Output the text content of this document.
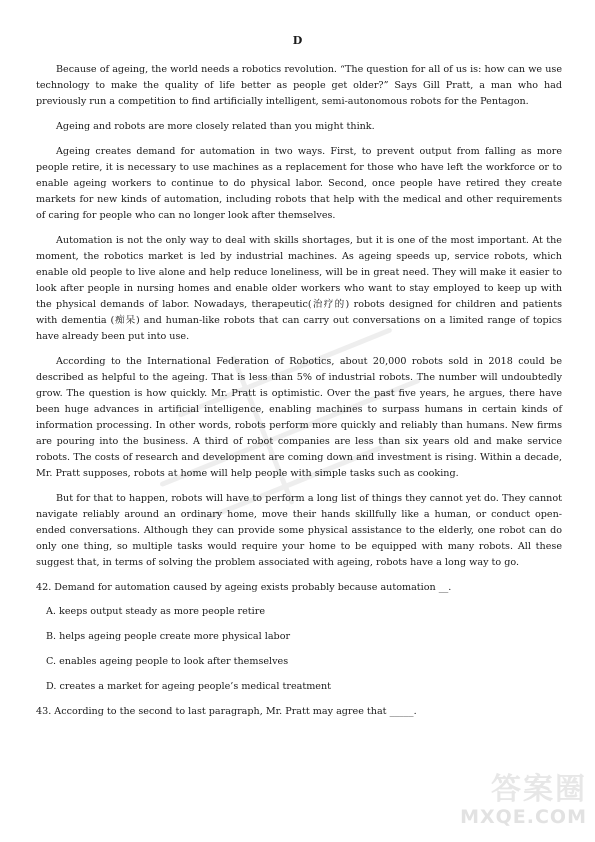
D

Because of ageing, the world needs a robotics revolution. “The question for all of us is: how can we use technology to make the quality of life better as people get older?” Says Gill Pratt, a man who had previously run a competition to find artificially intelligent, semi-autonomous robots for the Pentagon.

Ageing and robots are more closely related than you might think.

Ageing creates demand for automation in two ways. First, to prevent output from falling as more people retire, it is necessary to use machines as a replacement for those who have left the workforce or to enable ageing workers to continue to do physical labor. Second, once people have retired they create markets for new kinds of automation, including robots that help with the medical and other requirements of caring for people who can no longer look after themselves.

Automation is not the only way to deal with skills shortages, but it is one of the most important. At the moment, the robotics market is led by industrial machines. As ageing speeds up, service robots, which enable old people to live alone and help reduce loneliness, will be in great need. They will make it easier to look after people in nursing homes and enable older workers who want to stay employed to keep up with the physical demands of labor. Nowadays, therapeutic(治疗的) robots designed for children and patients with dementia (痴呆) and human-like robots that can carry out conversations on a limited range of topics have already been put into use.

According to the International Federation of Robotics, about 20,000 robots sold in 2018 could be described as helpful to the ageing. That is less than 5% of industrial robots. The number will undoubtedly grow. The question is how quickly. Mr. Pratt is optimistic. Over the past five years, he argues, there have been huge advances in artificial intelligence, enabling machines to surpass humans in certain kinds of information processing. In other words, robots perform more quickly and reliably than humans. New firms are pouring into the business. A third of robot companies are less than six years old and make service robots. The costs of research and development are coming down and investment is rising. Within a decade, Mr. Pratt supposes, robots at home will help people with simple tasks such as cooking.

But for that to happen, robots will have to perform a long list of things they cannot yet do. They cannot navigate reliably around an ordinary home, move their hands skillfully like a human, or conduct open-ended conversations. Although they can provide some physical assistance to the elderly, one robot can do only one thing, so multiple tasks would require your home to be equipped with many robots. All these suggest that, in terms of solving the problem associated with ageing, robots have a long way to go.

42. Demand for automation caused by ageing exists probably because automation __.
A. keeps output steady as more people retire
B. helps ageing people create more physical labor
C. enables ageing people to look after themselves
D. creates a market for ageing people’s medical treatment
43. According to the second to last paragraph, Mr. Pratt may agree that _____.
答案圈
MXQE.COM
